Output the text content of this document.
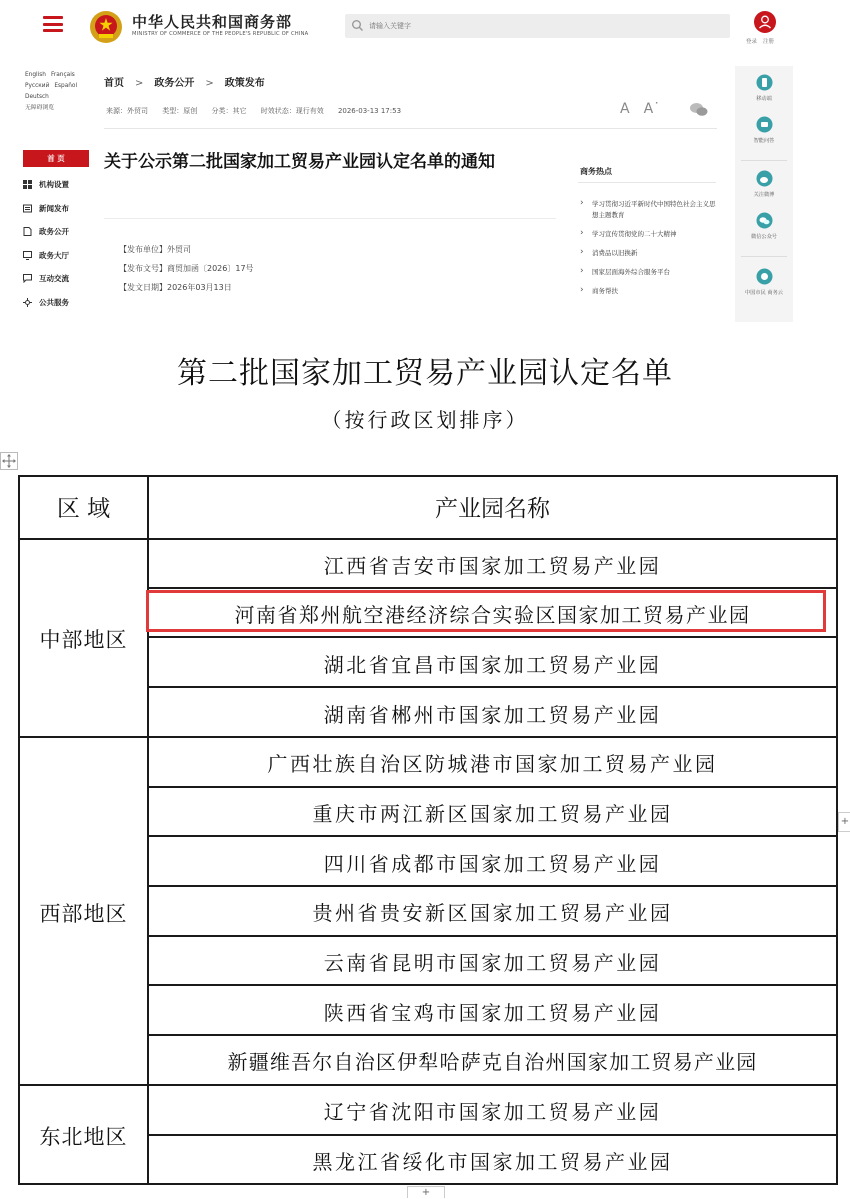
中华人民共和国商务部
MINISTRY OF COMMERCE OF THE PEOPLE'S REPUBLIC OF CHINA
请输入关键字
登录 注册
English Français
Русский Español
Deutsch
无障碍浏览
首 页
机构设置
新闻发布
政务公开
政务大厅
互动交流
公共服务
首页 > 政务公开 > 政策发布
来源：外贸司 类型：原创 分类：其它 时效状态：现行有效 2026-03-13 17:53	A A˙
关于公示第二批国家加工贸易产业园认定名单的通知
【发布单位】外贸司
【发布文号】商贸加函〔2026〕17号
【发文日期】2026年03月13日
商务热点
› 学习贯彻习近平新时代中国特色社会主义思想主题教育
› 学习宣传贯彻党的二十大精神
› 消费品以旧换新
› 国家层面海外综合服务平台
› 商务帮扶
移动端
智能问答
关注微博
微信公众号
中国市民 商务云
第二批国家加工贸易产业园认定名单
（按行政区划排序）
+
+
区 域	产业园名称
中部地区
西部地区
东北地区
江西省吉安市国家加工贸易产业园
河南省郑州航空港经济综合实验区国家加工贸易产业园
湖北省宜昌市国家加工贸易产业园
湖南省郴州市国家加工贸易产业园
广西壮族自治区防城港市国家加工贸易产业园
重庆市两江新区国家加工贸易产业园
四川省成都市国家加工贸易产业园
贵州省贵安新区国家加工贸易产业园
云南省昆明市国家加工贸易产业园
陕西省宝鸡市国家加工贸易产业园
新疆维吾尔自治区伊犁哈萨克自治州国家加工贸易产业园
辽宁省沈阳市国家加工贸易产业园
黑龙江省绥化市国家加工贸易产业园
